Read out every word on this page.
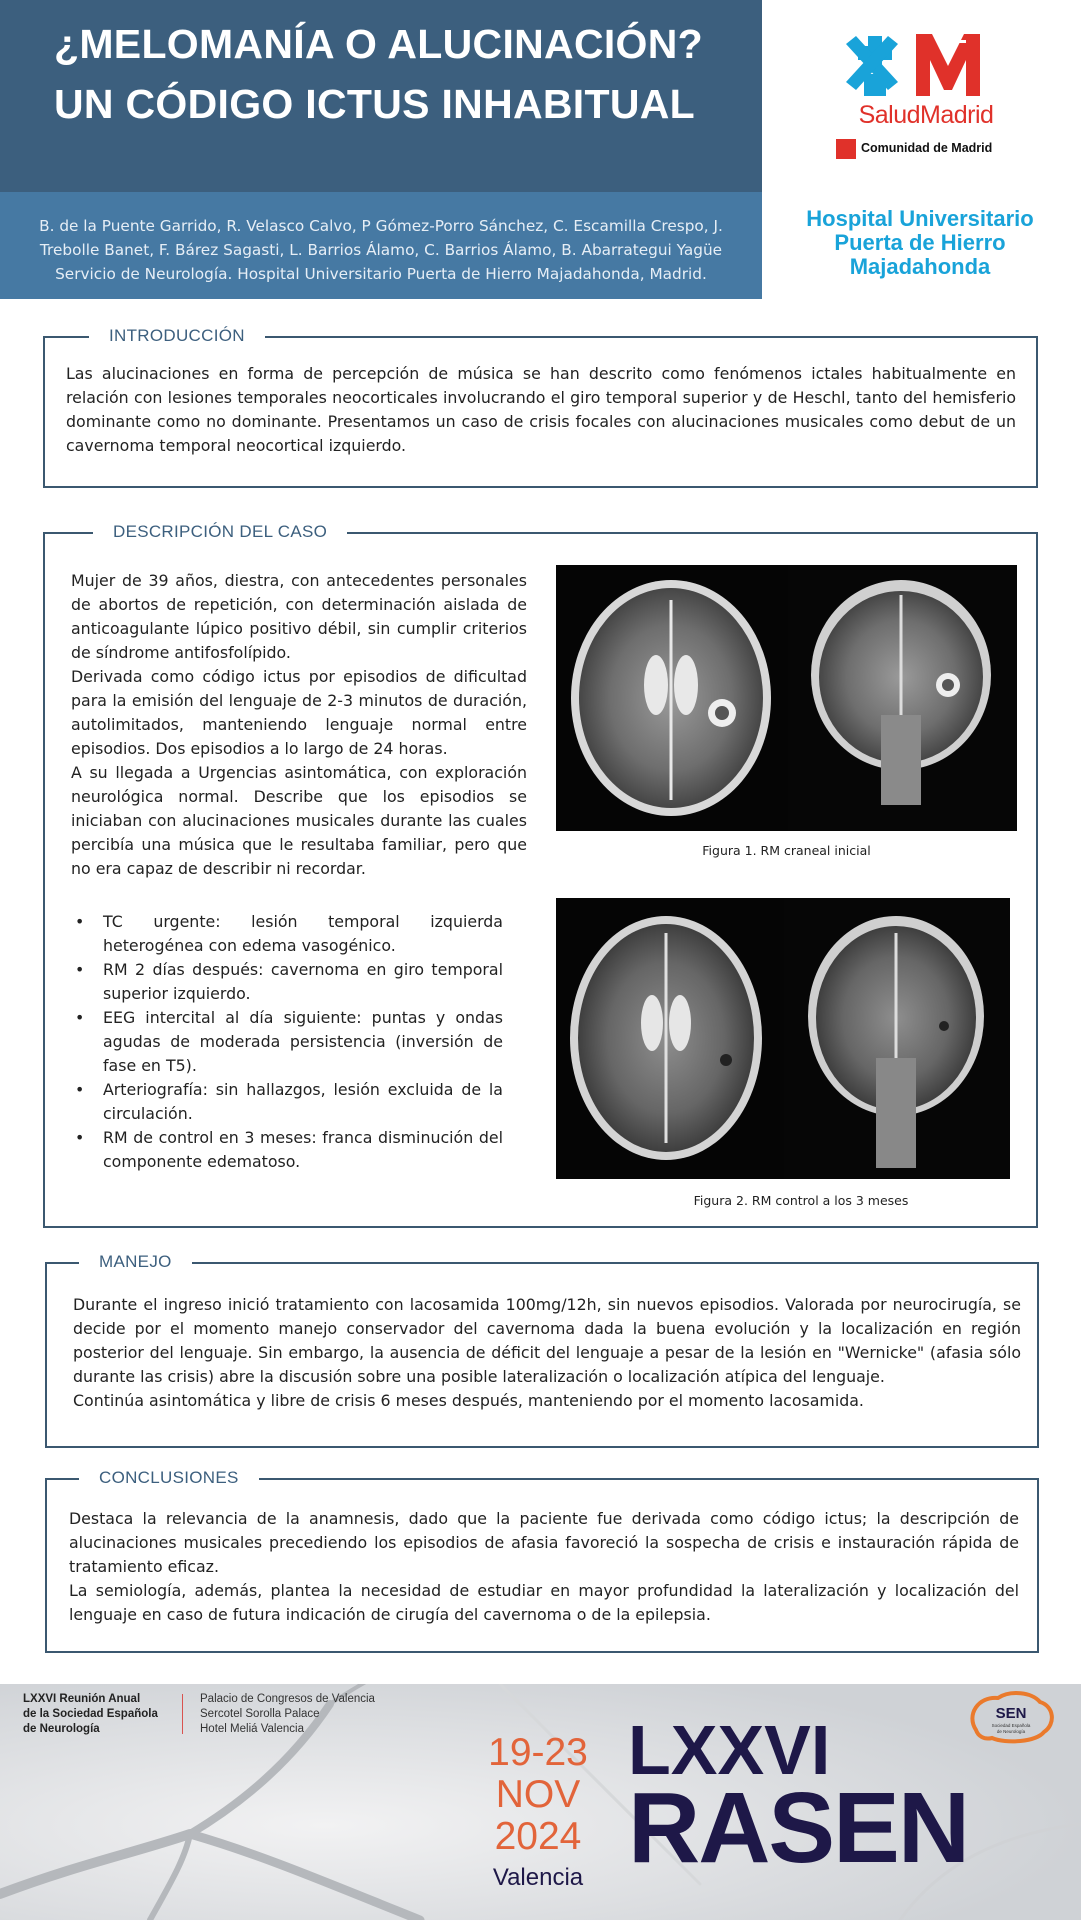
¿MELOMANÍA O ALUCINACIÓN?
UN CÓDIGO ICTUS INHABITUAL
B. de la Puente Garrido, R. Velasco Calvo, P Gómez-Porro Sánchez, C. Escamilla Crespo, J.
Trebolle Banet, F. Bárez Sagasti, L. Barrios Álamo, C. Barrios Álamo, B. Abarrategui Yagüe
Servicio de Neurología. Hospital Universitario Puerta de Hierro Majadahonda, Madrid.
SaludMadrid
Comunidad de Madrid
Hospital Universitario
Puerta de Hierro
Majadahonda
INTRODUCCIÓN

Las alucinaciones en forma de percepción de música se han descrito como fenómenos ictales habitualmente en relación con lesiones temporales neocorticales involucrando el giro temporal superior y de Heschl, tanto del hemisferio dominante como no dominante. Presentamos un caso de crisis focales con alucinaciones musicales como debut de un cavernoma temporal neocortical izquierdo.

DESCRIPCIÓN DEL CASO

Mujer de 39 años, diestra, con antecedentes personales de abortos de repetición, con determinación aislada de anticoagulante lúpico positivo débil, sin cumplir criterios de síndrome antifosfolípido.

Derivada como código ictus por episodios de dificultad para la emisión del lenguaje de 2-3 minutos de duración, autolimitados, manteniendo lenguaje normal entre episodios. Dos episodios a lo largo de 24 horas.

A su llegada a Urgencias asintomática, con exploración neurológica normal. Describe que los episodios se iniciaban con alucinaciones musicales durante las cuales percibía una música que le resultaba familiar, pero que no era capaz de describir ni recordar.

• TC urgente: lesión temporal izquierda heterogénea con edema vasogénico.
• RM 2 días después: cavernoma en giro temporal superior izquierdo.
• EEG intercital al día siguiente: puntas y ondas agudas de moderada persistencia (inversión de fase en T5).
• Arteriografía: sin hallazgos, lesión excluida de la circulación.
• RM de control en 3 meses: franca disminución del componente edematoso.
Figura 1. RM craneal inicial
Figura 2. RM control a los 3 meses
MANEJO

Durante el ingreso inició tratamiento con lacosamida 100mg/12h, sin nuevos episodios. Valorada por neurocirugía, se decide por el momento manejo conservador del cavernoma dada la buena evolución y la localización en región posterior del lenguaje. Sin embargo, la ausencia de déficit del lenguaje a pesar de la lesión en "Wernicke" (afasia sólo durante las crisis) abre la discusión sobre una posible lateralización o localización atípica del lenguaje.

Continúa asintomática y libre de crisis 6 meses después, manteniendo por el momento lacosamida.

CONCLUSIONES

Destaca la relevancia de la anamnesis, dado que la paciente fue derivada como código ictus; la descripción de alucinaciones musicales precediendo los episodios de afasia favoreció la sospecha de crisis e instauración rápida de tratamiento eficaz.

La semiología, además, plantea la necesidad de estudiar en mayor profundidad la lateralización y localización del lenguaje en caso de futura indicación de cirugía del cavernoma o de la epilepsia.

LXXVI Reunión Anual
de la Sociedad Española
de Neurología
Palacio de Congresos de Valencia
Sercotel Sorolla Palace
Hotel Meliá Valencia
19-23
NOV
2024
Valencia
LXXVI
RASEN
SEN
Sociedad Española
de Neurología
